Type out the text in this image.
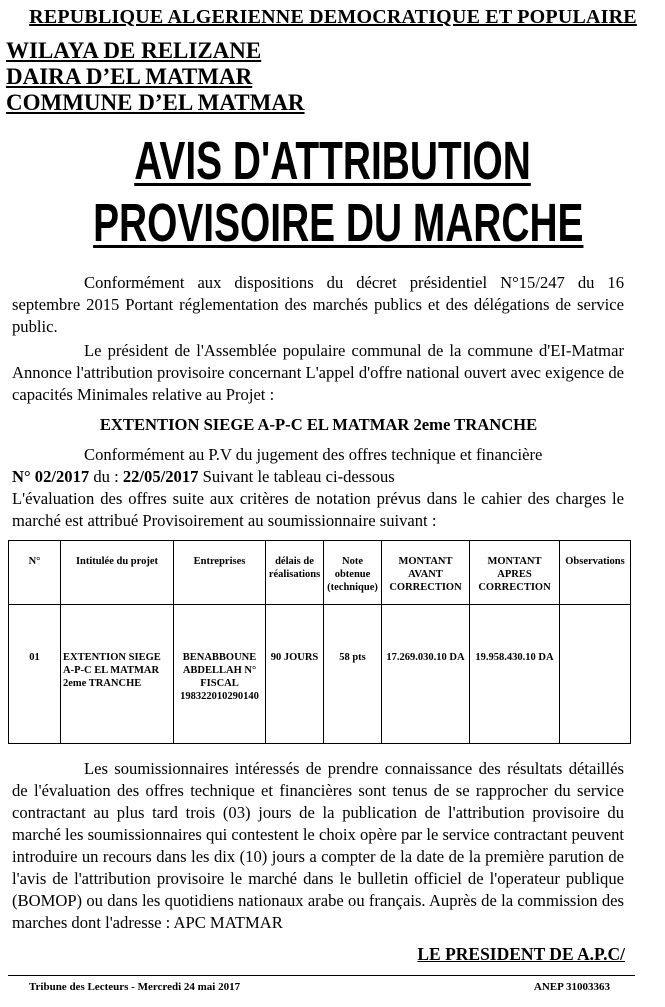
REPUBLIQUE ALGERIENNE DEMOCRATIQUE ET POPULAIRE
WILAYA DE RELIZANE
DAIRA D’EL MATMAR
COMMUNE D’EL MATMAR
AVIS D'ATTRIBUTION
PROVISOIRE DU MARCHE

Conformément aux dispositions du décret présidentiel N°15/247 du 16 septembre 2015 Portant réglementation des marchés publics et des délégations de service public.

Le président de l'Assemblée populaire communal de la commune d'EI-Matmar Annonce l'attribution provisoire concernant L'appel d'offre national ouvert avec exigence de capacités Minimales relative au Projet :

EXTENTION SIEGE A-P-C EL MATMAR 2eme TRANCHE

Conformément au P.V du jugement des offres technique et financière
N° 02/2017 du : 22/05/2017 Suivant le tableau ci-dessous

L'évaluation des offres suite aux critères de notation prévus dans le cahier des charges le marché est attribué Provisoirement au soumissionnaire suivant :

N°	Intitulée du projet	Entreprises	délais de réalisations	Note obtenue (technique)	MONTANT AVANT CORRECTION	MONTANT APRES CORRECTION	Observations
01	EXTENTION SIEGE A-P-C EL MATMAR 2eme TRANCHE	BENABBOUNE ABDELLAH N° FISCAL 198322010290140	90 JOURS	58 pts	17.269.030.10 DA	19.958.430.10 DA	

Les soumissionnaires intéressés de prendre connaissance des résultats détaillés de l'évaluation des offres technique et financières sont tenus de se rapprocher du service contractant au plus tard trois (03) jours de la publication de l'attribution provisoire du marché les soumissionnaires qui contestent le choix opère par le service contractant peuvent introduire un recours dans les dix (10) jours a compter de la date de la première parution de l'avis de l'attribution provisoire le marché dans le bulletin officiel de l'operateur publique (BOMOP) ou dans les quotidiens nationaux arabe ou français. Auprès de la commission des marches dont l'adresse : APC MATMAR

LE PRESIDENT DE A.P.C/
Tribune des Lecteurs - Mercredi 24 mai 2017	ANEP 31003363
